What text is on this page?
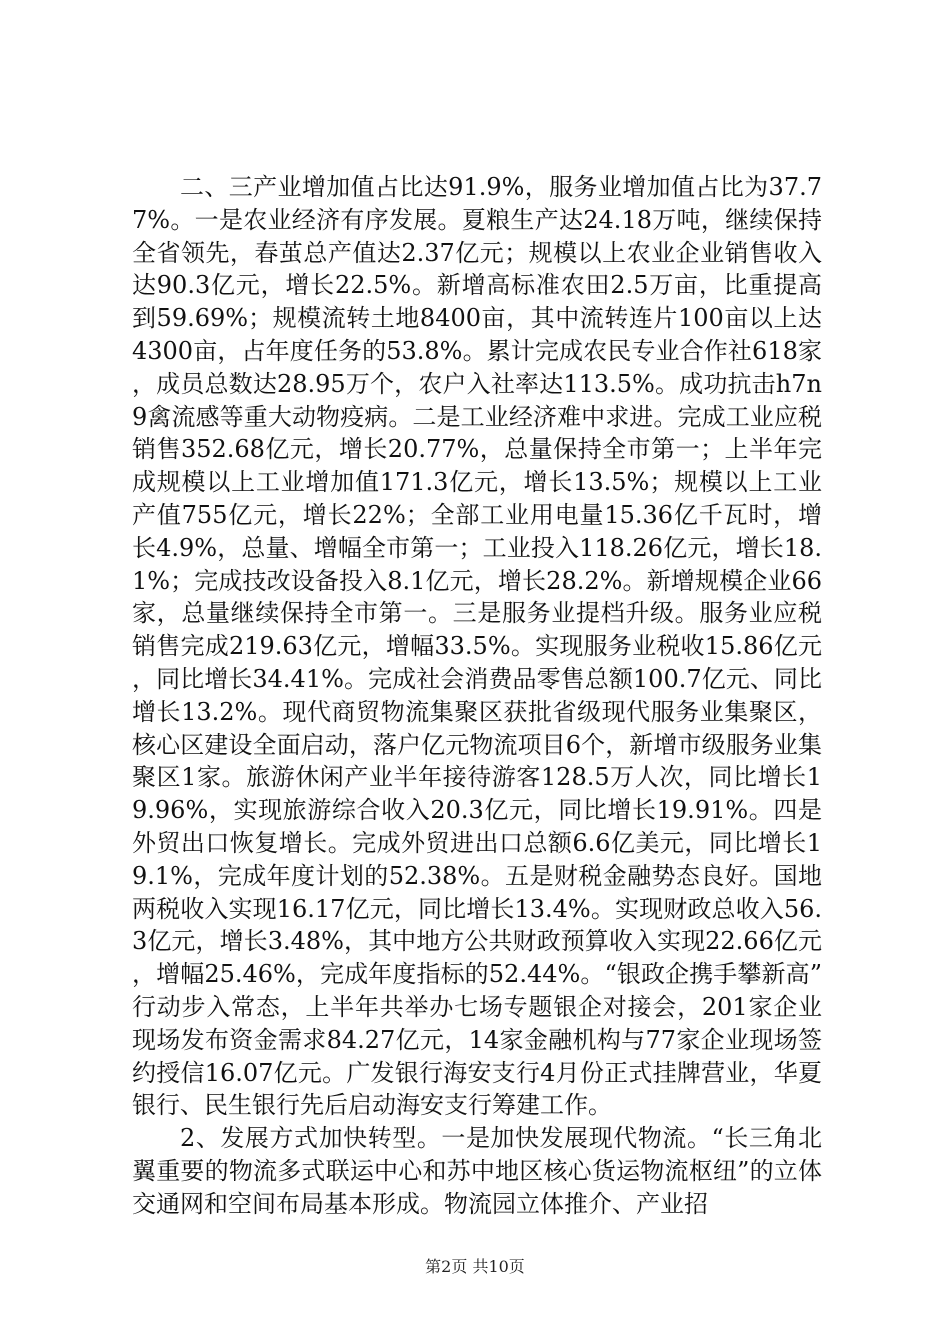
二、三产业增加值占比达91.9%，服务业增加值占比为37.77%。一是农业经济有序发展。夏粮生产达24.18万吨，继续保持全省领先，春茧总产值达2.37亿元；规模以上农业企业销售收入达90.3亿元，增长22.5%。新增高标准农田2.5万亩，比重提高到59.69%；规模流转土地8400亩，其中流转连片100亩以上达4300亩，占年度任务的53.8%。累计完成农民专业合作社618家，成员总数达28.95万个，农户入社率达113.5%。成功抗击h7n9禽流感等重大动物疫病。二是工业经济难中求进。完成工业应税销售352.68亿元，增长20.77%，总量保持全市第一；上半年完成规模以上工业增加值171.3亿元，增长13.5%；规模以上工业产值755亿元，增长22%；全部工业用电量15.36亿千瓦时，增长4.9%，总量、增幅全市第一；工业投入118.26亿元，增长18.1%；完成技改设备投入8.1亿元，增长28.2%。新增规模企业66家，总量继续保持全市第一。三是服务业提档升级。服务业应税销售完成219.63亿元，增幅33.5%。实现服务业税收15.86亿元，同比增长34.41%。完成社会消费品零售总额100.7亿元、同比增长13.2%。现代商贸物流集聚区获批省级现代服务业集聚区，核心区建设全面启动，落户亿元物流项目6个，新增市级服务业集聚区1家。旅游休闲产业半年接待游客128.5万人次，同比增长19.96%，实现旅游综合收入20.3亿元，同比增长19.91%。四是外贸出口恢复增长。完成外贸进出口总额6.6亿美元，同比增长19.1%，完成年度计划的52.38%。五是财税金融势态良好。国地两税收入实现16.17亿元，同比增长13.4%。实现财政总收入56.3亿元，增长3.48%，其中地方公共财政预算收入实现22.66亿元，增幅25.46%，完成年度指标的52.44%。“银政企携手攀新高”行动步入常态，上半年共举办七场专题银企对接会，201家企业现场发布资金需求84.27亿元，14家金融机构与77家企业现场签约授信16.07亿元。广发银行海安支行4月份正式挂牌营业，华夏银行、民生银行先后启动海安支行筹建工作。

2、发展方式加快转型。一是加快发展现代物流。“长三角北翼重要的物流多式联运中心和苏中地区核心货运物流枢纽”的立体交通网和空间布局基本形成。物流园立体推介、产业招

第2页 共10页
